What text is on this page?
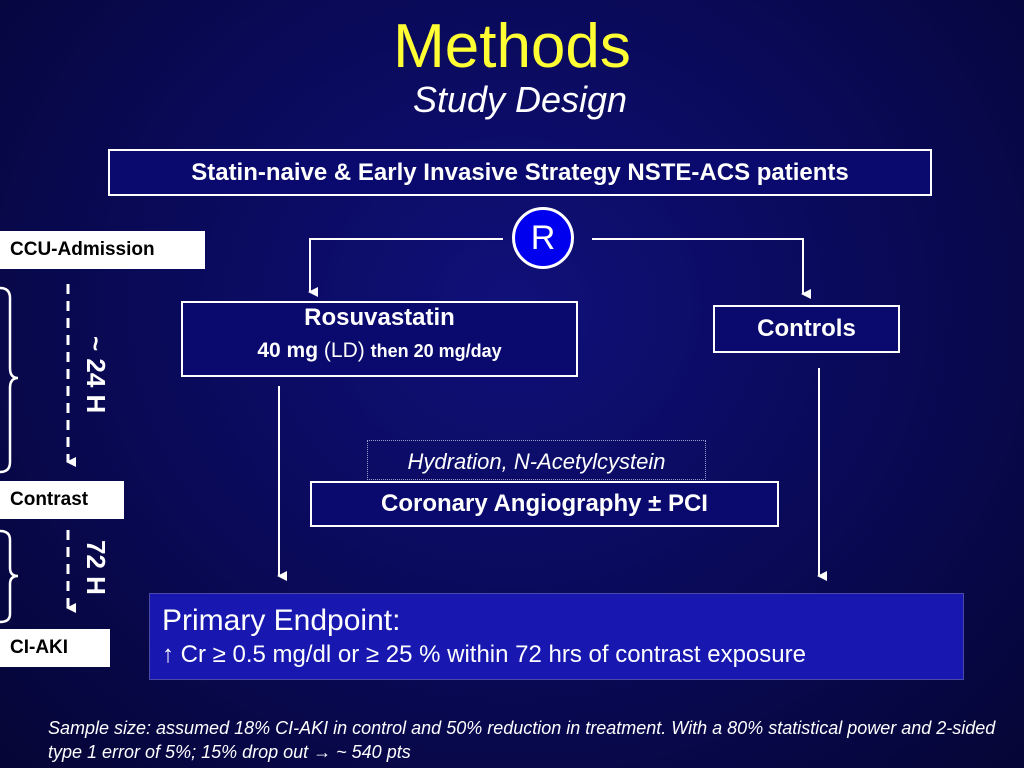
Methods
Study Design
Statin-naive & Early Invasive Strategy NSTE-ACS patients
R
Rosuvastatin
40 mg (LD) then 20 mg/day
Controls
Hydration, N-Acetylcystein
Coronary Angiography ± PCI
Primary Endpoint:
↑ Cr ≥ 0.5 mg/dl or ≥ 25 % within 72 hrs of contrast exposure
CCU-Admission
Contrast
CI-AKI
~ 24 H
72 H
Sample size: assumed 18% CI-AKI in control and 50% reduction in treatment. With a 80% statistical power and 2-sided type 1 error of 5%; 15% drop out → ~ 540 pts
